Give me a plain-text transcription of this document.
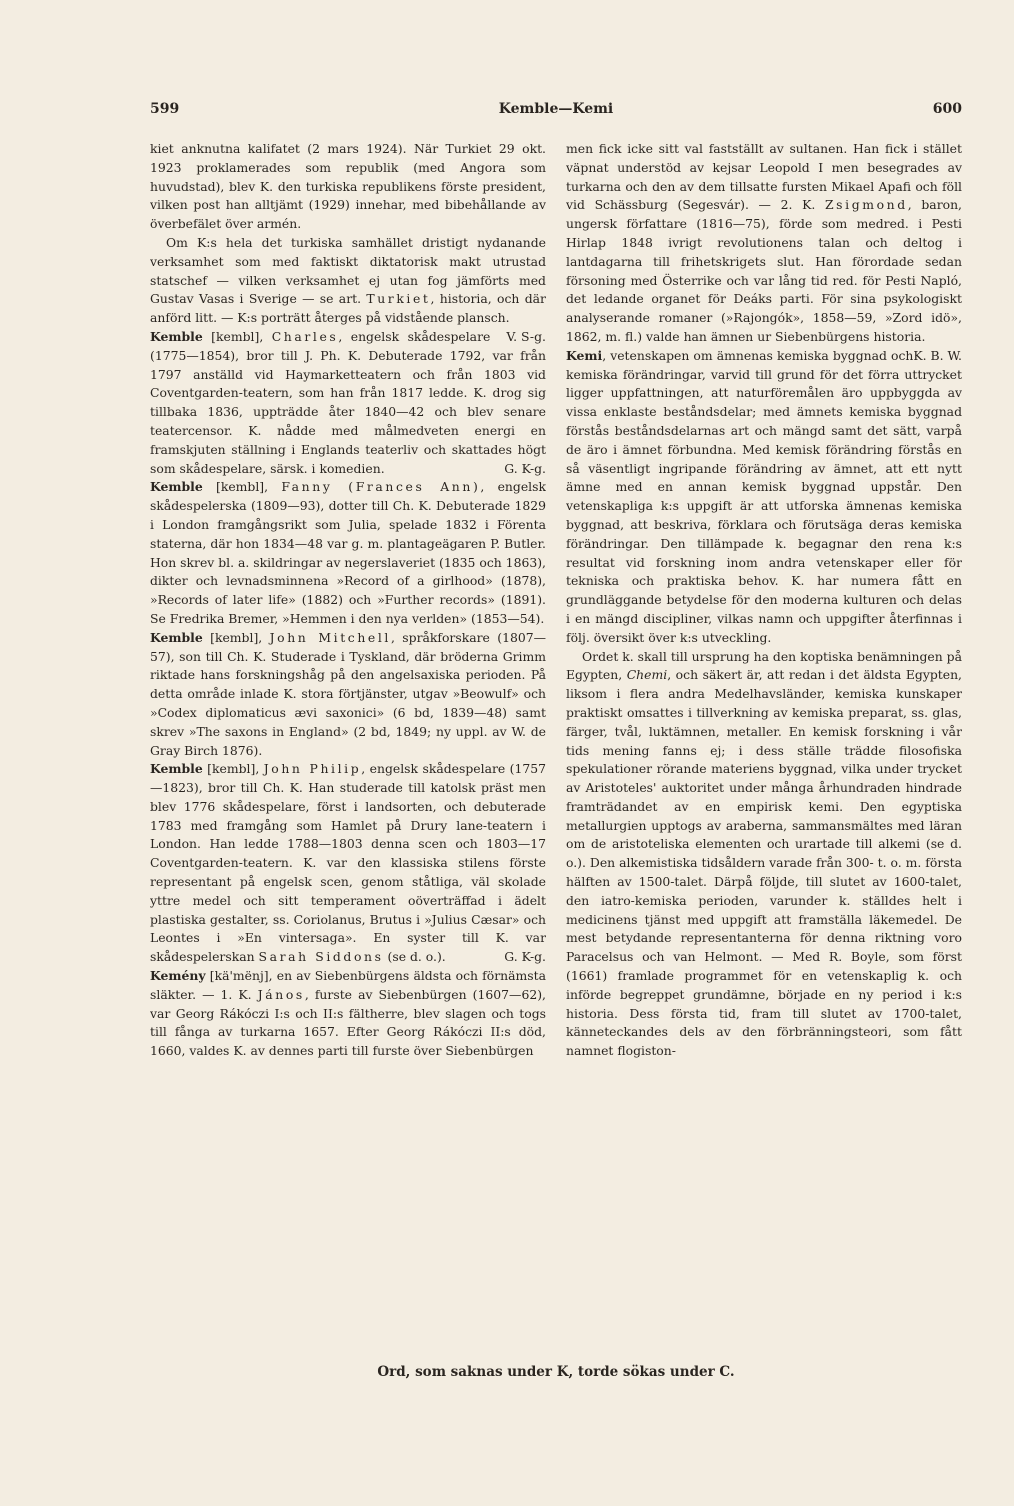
599	Kemble—Kemi	600

kiet anknutna kalifatet (2 mars 1924). När Turkiet 29 okt. 1923 proklamerades som republik (med Angora som huvudstad), blev K. den turkiska republikens förste president, vilken post han alltjämt (1929) innehar, med bibehållande av överbefälet över armén.

Om K:s hela det turkiska samhället dristigt nydanande verksamhet som med faktiskt diktatorisk makt utrustad statschef — vilken verksamhet ej utan fog jämförts med Gustav Vasas i Sverige — se art. Turkiet, historia, och där anförd litt. — K:s porträtt återges på vidstående plansch.
V. S-g.

Kemble [kembl], Charles, engelsk skådespelare (1775—1854), bror till J. Ph. K. Debuterade 1792, var från 1797 anställd vid Haymarketteatern och från 1803 vid Coventgarden-teatern, som han från 1817 ledde. K. drog sig tillbaka 1836, uppträdde åter 1840—42 och blev senare teatercensor. K. nådde med målmedveten energi en framskjuten ställning i Englands teaterliv och skattades högt som skådespelare, särsk. i komedien.	G. K-g.

Kemble [kembl], Fanny (Frances Ann), engelsk skådespelerska (1809—93), dotter till Ch. K. Debuterade 1829 i London framgångsrikt som Julia, spelade 1832 i Förenta staterna, där hon 1834—48 var g. m. plantageägaren P. Butler. Hon skrev bl. a. skildringar av negerslaveriet (1835 och 1863), dikter och levnadsminnena »Record of a girlhood» (1878), »Records of later life» (1882) och »Further records» (1891). Se Fredrika Bremer, »Hemmen i den nya verlden» (1853—54).

Kemble [kembl], John Mitchell, språkforskare (1807—57), son till Ch. K. Studerade i Tyskland, där bröderna Grimm riktade hans forskningshåg på den angelsaxiska perioden. På detta område inlade K. stora förtjänster, utgav »Beowulf» och »Codex diplomaticus ævi saxonici» (6 bd, 1839—48) samt skrev »The saxons in England» (2 bd, 1849; ny uppl. av W. de Gray Birch 1876).

Kemble [kembl], John Philip, engelsk skådespelare (1757—1823), bror till Ch. K. Han studerade till katolsk präst men blev 1776 skådespelare, först i landsorten, och debuterade 1783 med framgång som Hamlet på Drury lane-teatern i London. Han ledde 1788—1803 denna scen och 1803—17 Coventgarden-teatern. K. var den klassiska stilens förste representant på engelsk scen, genom ståtliga, väl skolade yttre medel och sitt temperament oöverträffad i ädelt plastiska gestalter, ss. Coriolanus, Brutus i »Julius Cæsar» och Leontes i »En vintersaga». En syster till K. var skådespelerskan Sarah Siddons (se d. o.).	G. K-g.

Kemény [kä'mënj], en av Siebenbürgens äldsta och förnämsta släkter. — 1. K. János, furste av Siebenbürgen (1607—62), var Georg Rákóczi I:s och II:s fältherre, blev slagen och togs till fånga av turkarna 1657. Efter Georg Rákóczi II:s död, 1660, valdes K. av dennes parti till furste över Siebenbürgen

men fick icke sitt val fastställt av sultanen. Han fick i stället väpnat understöd av kejsar Leopold I men besegrades av turkarna och den av dem tillsatte fursten Mikael Apafi och föll vid Schässburg (Segesvár). — 2. K. Zsigmond, baron, ungersk författare (1816—75), förde som medred. i Pesti Hirlap 1848 ivrigt revolutionens talan och deltog i lantdagarna till frihetskrigets slut. Han förordade sedan försoning med Österrike och var lång tid red. för Pesti Napló, det ledande organet för Deáks parti. För sina psykologiskt analyserande romaner (»Rajongók», 1858—59, »Zord idö», 1862, m. fl.) valde han ämnen ur Siebenbürgens historia.
K. B. W.

Kemi, vetenskapen om ämnenas kemiska byggnad och kemiska förändringar, varvid till grund för det förra uttrycket ligger uppfattningen, att naturföremålen äro uppbyggda av vissa enklaste beståndsdelar; med ämnets kemiska byggnad förstås beståndsdelarnas art och mängd samt det sätt, varpå de äro i ämnet förbundna. Med kemisk förändring förstås en så väsentligt ingripande förändring av ämnet, att ett nytt ämne med en annan kemisk byggnad uppstår. Den vetenskapliga k:s uppgift är att utforska ämnenas kemiska byggnad, att beskriva, förklara och förutsäga deras kemiska förändringar. Den tillämpade k. begagnar den rena k:s resultat vid forskning inom andra vetenskaper eller för tekniska och praktiska behov. K. har numera fått en grundläggande betydelse för den moderna kulturen och delas i en mängd discipliner, vilkas namn och uppgifter återfinnas i följ. översikt över k:s utveckling.

Ordet k. skall till ursprung ha den koptiska benämningen på Egypten, Chemi, och säkert är, att redan i det äldsta Egypten, liksom i flera andra Medelhavsländer, kemiska kunskaper praktiskt omsattes i tillverkning av kemiska preparat, ss. glas, färger, tvål, luktämnen, metaller. En kemisk forskning i vår tids mening fanns ej; i dess ställe trädde filosofiska spekulationer rörande materiens byggnad, vilka under trycket av Aristoteles' auktoritet under många århundraden hindrade framträdandet av en empirisk kemi. Den egyptiska metallurgien upptogs av araberna, sammansmältes med läran om de aristoteliska elementen och urartade till alkemi (se d. o.). Den alkemistiska tidsåldern varade från 300- t. o. m. första hälften av 1500-talet. Därpå följde, till slutet av 1600-talet, den iatro-kemiska perioden, varunder k. ställdes helt i medicinens tjänst med uppgift att framställa läkemedel. De mest betydande representanterna för denna riktning voro Paracelsus och van Helmont. — Med R. Boyle, som först (1661) framlade programmet för en vetenskaplig k. och införde begreppet grundämne, började en ny period i k:s historia. Dess första tid, fram till slutet av 1700-talet, känneteckandes dels av den förbränningsteori, som fått namnet flogiston-

Ord, som saknas under K, torde sökas under C.
